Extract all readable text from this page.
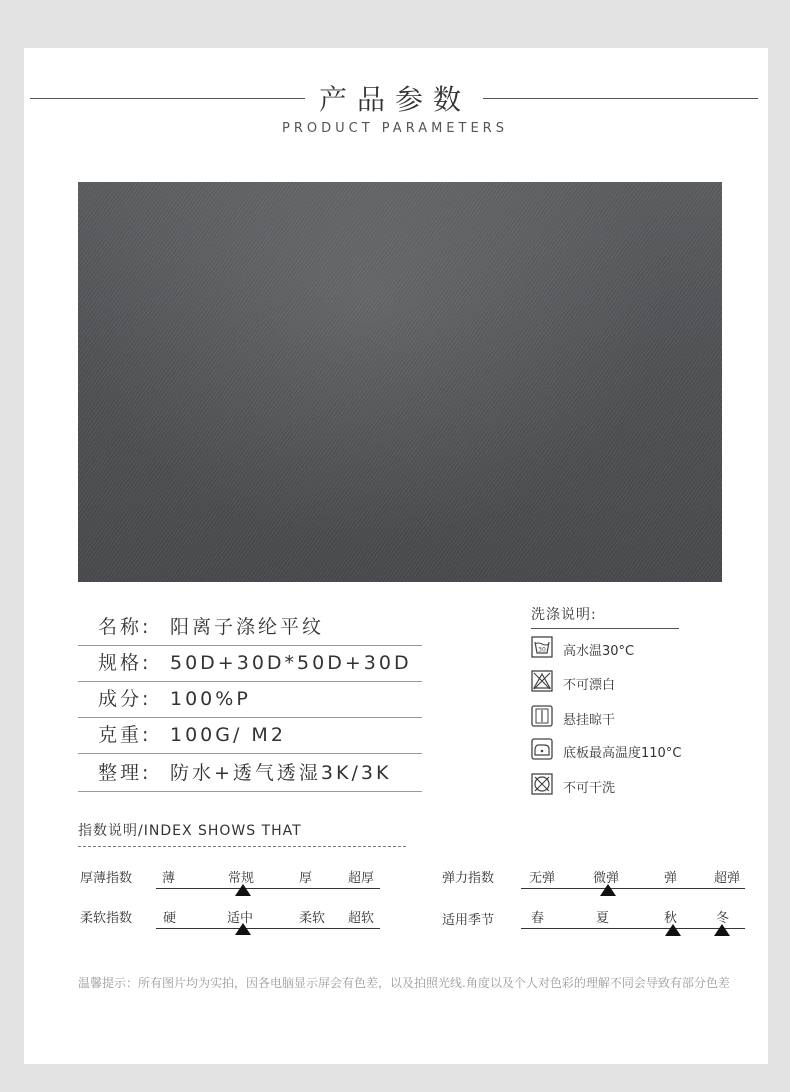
产品参数
PRODUCT PARAMETERS
名称: 阳离子涤纶平纹
规格: 50D+30D*50D+30D
成分: 100%P
克重: 100G/ M2
整理: 防水+透气透湿3K/3K
洗涤说明:
30 高水温30°C
不可漂白
悬挂晾干
底板最高温度110°C
不可干洗
指数说明/INDEX SHOWS THAT
厚薄指数 薄	常规	厚	超厚
柔软指数 硬	适中	柔软 超软
弹力指数	无弹	微弹	弹	超弹
适用季节	春	夏	秋	冬
温馨提示：所有图片均为实拍，因各电脑显示屏会有色差，以及拍照光线.角度以及个人对色彩的理解不同会导致有部分色差
